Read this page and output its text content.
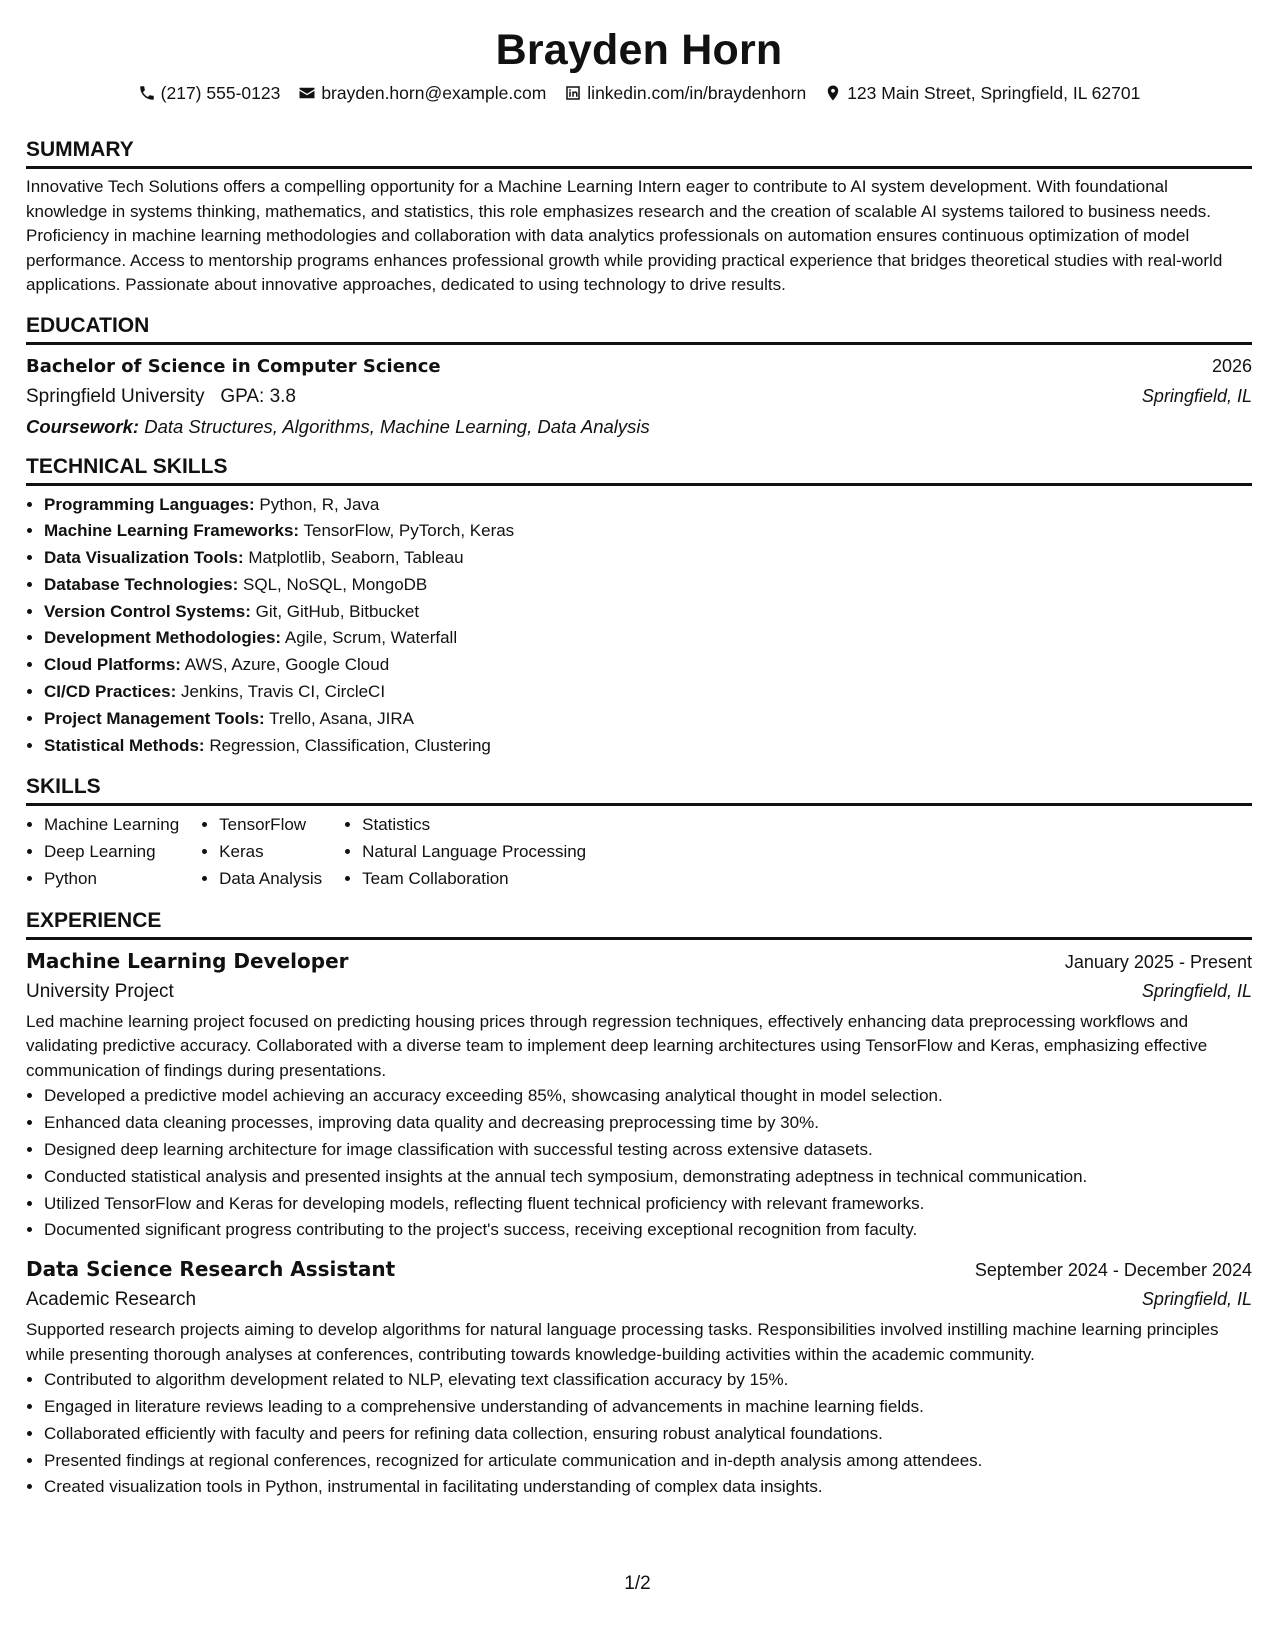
Brayden Horn
(217) 555-0123 brayden.horn@example.com linkedin.com/in/braydenhorn 123 Main Street, Springfield, IL 62701
SUMMARY
Innovative Tech Solutions offers a compelling opportunity for a Machine Learning Intern eager to contribute to AI system development. With foundational knowledge in systems thinking, mathematics, and statistics, this role emphasizes research and the creation of scalable AI systems tailored to business needs. Proficiency in machine learning methodologies and collaboration with data analytics professionals on automation ensures continuous optimization of model performance. Access to mentorship programs enhances professional growth while providing practical experience that bridges theoretical studies with real-world applications. Passionate about innovative approaches, dedicated to using technology to drive results.
EDUCATION
Bachelor of Science in Computer Science	2026
Springfield University GPA: 3.8	Springfield, IL
Coursework: Data Structures, Algorithms, Machine Learning, Data Analysis
TECHNICAL SKILLS
• Programming Languages: Python, R, Java
• Machine Learning Frameworks: TensorFlow, PyTorch, Keras
• Data Visualization Tools: Matplotlib, Seaborn, Tableau
• Database Technologies: SQL, NoSQL, MongoDB
• Version Control Systems: Git, GitHub, Bitbucket
• Development Methodologies: Agile, Scrum, Waterfall
• Cloud Platforms: AWS, Azure, Google Cloud
• CI/CD Practices: Jenkins, Travis CI, CircleCI
• Project Management Tools: Trello, Asana, JIRA
• Statistical Methods: Regression, Classification, Clustering
SKILLS
• Machine Learning
• Deep Learning
• Python
• TensorFlow
• Keras
• Data Analysis
• Statistics
• Natural Language Processing
• Team Collaboration
EXPERIENCE
Machine Learning Developer	January 2025 - Present
University Project	Springfield, IL
Led machine learning project focused on predicting housing prices through regression techniques, effectively enhancing data preprocessing workflows and validating predictive accuracy. Collaborated with a diverse team to implement deep learning architectures using TensorFlow and Keras, emphasizing effective communication of findings during presentations.
• Developed a predictive model achieving an accuracy exceeding 85%, showcasing analytical thought in model selection.
• Enhanced data cleaning processes, improving data quality and decreasing preprocessing time by 30%.
• Designed deep learning architecture for image classification with successful testing across extensive datasets.
• Conducted statistical analysis and presented insights at the annual tech symposium, demonstrating adeptness in technical communication.
• Utilized TensorFlow and Keras for developing models, reflecting fluent technical proficiency with relevant frameworks.
• Documented significant progress contributing to the project's success, receiving exceptional recognition from faculty.
Data Science Research Assistant	September 2024 - December 2024
Academic Research	Springfield, IL
Supported research projects aiming to develop algorithms for natural language processing tasks. Responsibilities involved instilling machine learning principles while presenting thorough analyses at conferences, contributing towards knowledge-building activities within the academic community.
• Contributed to algorithm development related to NLP, elevating text classification accuracy by 15%.
• Engaged in literature reviews leading to a comprehensive understanding of advancements in machine learning fields.
• Collaborated efficiently with faculty and peers for refining data collection, ensuring robust analytical foundations.
• Presented findings at regional conferences, recognized for articulate communication and in-depth analysis among attendees.
• Created visualization tools in Python, instrumental in facilitating understanding of complex data insights.
1/2
